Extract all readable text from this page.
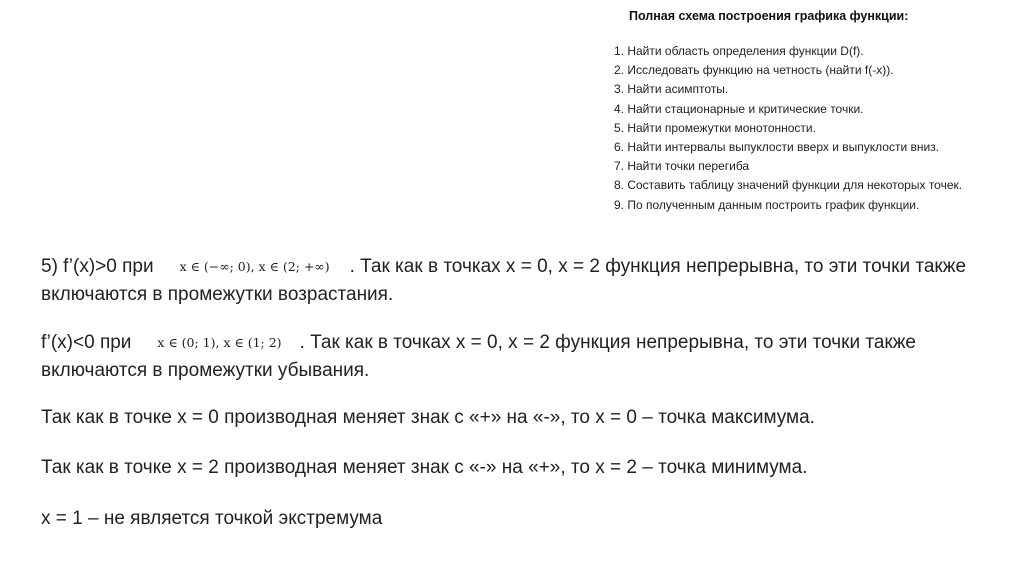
Полная схема построения графика функции:
1. Найти область определения функции D(f).
2. Исследовать функцию на четность (найти f(-x)).
3. Найти асимптоты.
4. Найти стационарные и критические точки.
5. Найти промежутки монотонности.
6. Найти интервалы выпуклости вверх и выпуклости вниз.
7. Найти точки перегиба
8. Составить таблицу значений функции для некоторых точек.
9. По полученным данным построить график функции.

5) f’(x)>0 при x ∈ (−∞; 0), x ∈ (2; +∞) . Так как в точках х = 0, х = 2 функция непрерывна, то эти точки также включаются в промежутки возрастания.

f’(x)<0 при x ∈ (0; 1), x ∈ (1; 2) . Так как в точках х = 0, х = 2 функция непрерывна, то эти точки также включаются в промежутки убывания.

Так как в точке х = 0 производная меняет знак с «+» на «-», то х = 0 – точка максимума.

Так как в точке х = 2 производная меняет знак с «-» на «+», то х = 2 – точка минимума.

х = 1 – не является точкой экстремума
